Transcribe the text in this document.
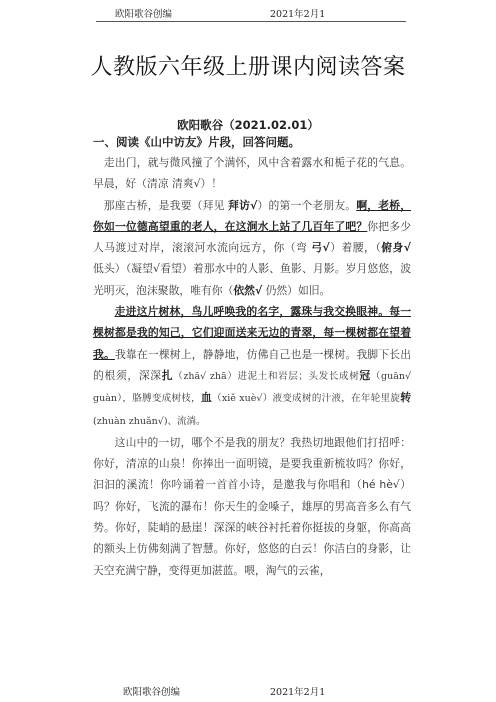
欧阳歌谷创编	2021年2月1
人教版六年级上册课内阅读答案
欧阳歌谷（2021.02.01）
一、阅读《山中访友》片段，回答问题。

走出门，就与微风撞了个满怀，风中含着露水和栀子花的气息。早晨，好（清凉 清爽√）！

那座古桥，是我要（拜见 拜访√）的第一个老朋友。啊，老桥，你如一位德高望重的老人，在这涧水上站了几百年了吧？你把多少人马渡过对岸，滚滚河水流向远方，你（弯 弓√）着腰，（俯身√ 低头）（凝望√看望）着那水中的人影、鱼影、月影。岁月悠悠，波光明灭，泡沫聚散，唯有你（依然√ 仍然）如旧。

走进这片树林，鸟儿呼唤我的名字，露珠与我交换眼神。每一棵树都是我的知己，它们迎面送来无边的青翠，每一棵树都在望着我。我靠在一棵树上，静静地，仿佛自己也是一棵树。我脚下长出的根须，深深扎（zhā√ zhā）进泥土和岩层；头发长成树冠（guān√ guàn），胳膊变成树枝，血（xiě xuè√）液变成树的汁液，在年轮里旋转(zhuàn zhuǎn√)、流淌。

这山中的一切，哪个不是我的朋友？我热切地跟他们打招呼：你好，清凉的山泉！你捧出一面明镜，是要我重新梳妆吗？你好，汩汩的溪流！你吟诵着一首首小诗，是邀我与你唱和（hé hè√）吗？你好，飞流的瀑布！你天生的金嗓子，雄厚的男高音多么有气势。你好，陡峭的悬崖！深深的峡谷衬托着你挺拔的身躯，你高高的额头上仿佛刻满了智慧。你好，悠悠的白云！你洁白的身影，让天空充满宁静，变得更加湛蓝。喂，淘气的云雀，

欧阳歌谷创编	2021年2月1
